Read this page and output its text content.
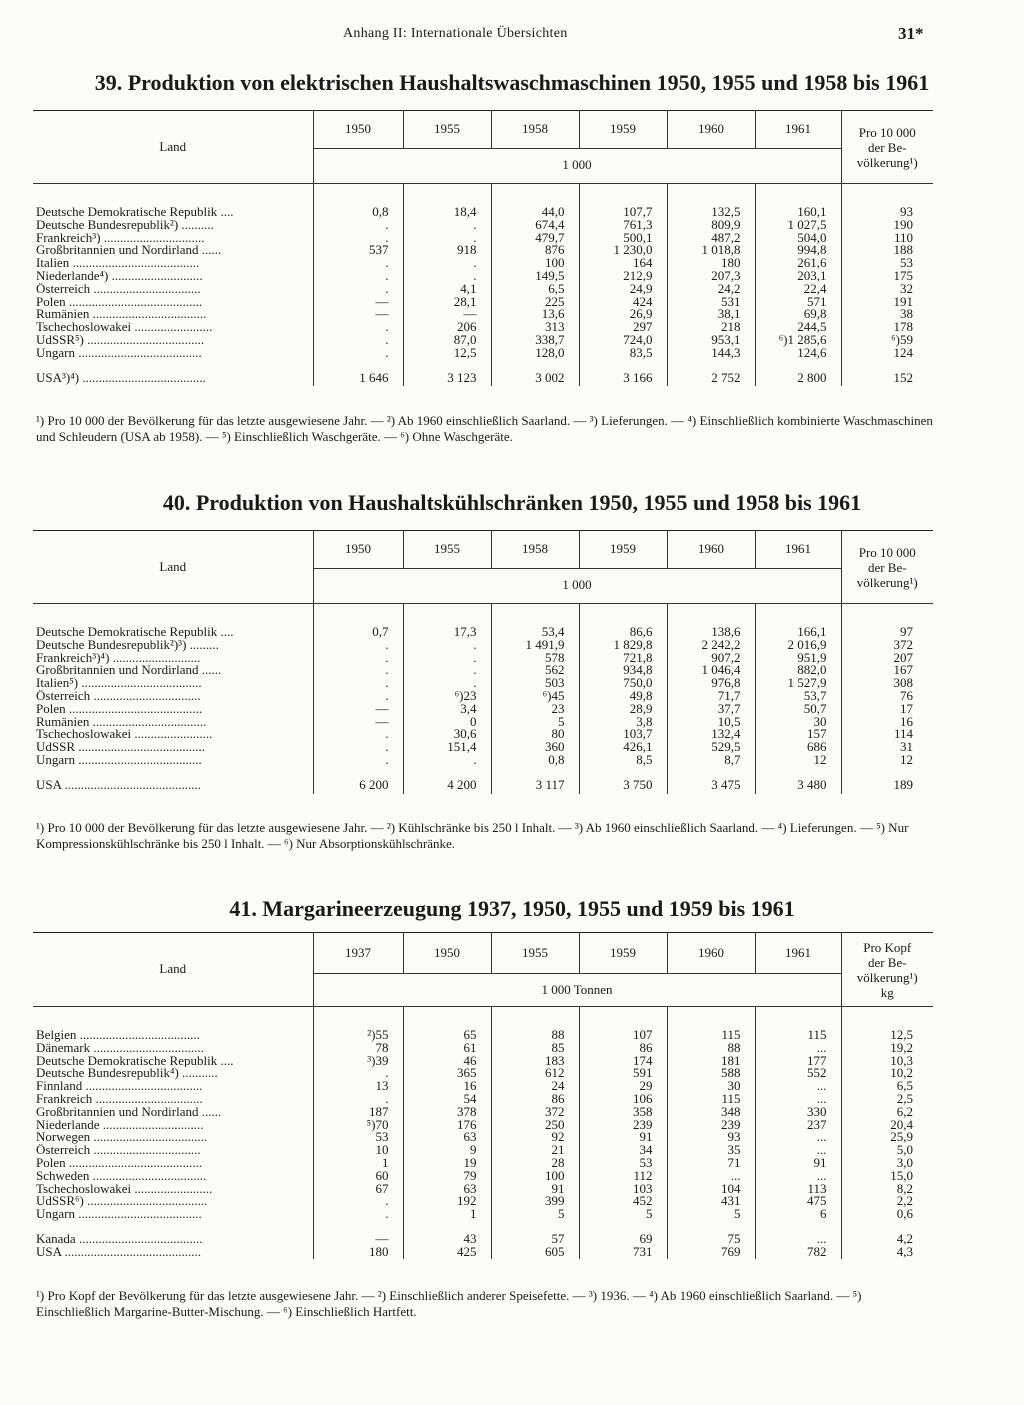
Anhang II: Internationale Übersichten	31*
39. Produktion von elektrischen Haushaltswaschmaschinen 1950, 1955 und 1958 bis 1961
Land	1950	1955	1958	1959	1960	1961	Pro 10 000
der Be-
völkerung¹)

	1 000						

Deutsche Demokratische Republik ....	0,8	18,4	44,0	107,7	132,5	160,1	93
Deutsche Bundesrepublik²) ..........	.	.	674,4	761,3	809,9	1 027,5	190
Frankreich³) ...............................	.	.	479,7	500,1	487,2	504,0	110
Großbritannien und Nordirland ......	537	918	876	1 230,0	1 018,8	994,8	188
Italien .......................................	.	.	100	164	180	261,6	53
Niederlande⁴) ............................	.	.	149,5	212,9	207,3	203,1	175
Österreich .................................	.	4,1	6,5	24,9	24,2	22,4	32
Polen .........................................	—	28,1	225	424	531	571	191
Rumänien ...................................	—	—	13,6	26,9	38,1	69,8	38
Tschechoslowakei ........................	.	206	313	297	218	244,5	178
UdSSR⁵) ....................................	.	87,0	338,7	724,0	953,1	⁶)1 285,6	⁶)59
Ungarn ......................................	.	12,5	128,0	83,5	144,3	124,6	124

USA³)⁴) ......................................	1 646	3 123	3 002	3 166	2 752	2 800	152
¹) Pro 10 000 der Bevölkerung für das letzte ausgewiesene Jahr. — ²) Ab 1960 einschließlich Saarland. — ³) Lieferungen. — ⁴) Einschließlich kombinierte Waschmaschinen und Schleudern (USA ab 1958). — ⁵) Einschließlich Waschgeräte. — ⁶) Ohne Waschgeräte.
40. Produktion von Haushaltskühlschränken 1950, 1955 und 1958 bis 1961
Land	1950	1955	1958	1959	1960	1961	Pro 10 000
der Be-
völkerung¹)

	1 000						

Deutsche Demokratische Republik ....	0,7	17,3	53,4	86,6	138,6	166,1	97
Deutsche Bundesrepublik²)³) .........	.	.	1 491,9	1 829,8	2 242,2	2 016,9	372
Frankreich³)⁴) ...........................	.	.	578	721,8	907,2	951,9	207
Großbritannien und Nordirland ......	.	.	562	934,8	1 046,4	882,0	167
Italien⁵) .....................................	.	.	503	750,0	976,8	1 527,9	308
Österreich .................................	.	⁶)23	⁶)45	49,8	71,7	53,7	76
Polen .........................................	—	3,4	23	28,9	37,7	50,7	17
Rumänien ...................................	—	0	5	3,8	10,5	30	16
Tschechoslowakei ........................	.	30,6	80	103,7	132,4	157	114
UdSSR .......................................	.	151,4	360	426,1	529,5	686	31
Ungarn ......................................	.	.	0,8	8,5	8,7	12	12

USA ..........................................	6 200	4 200	3 117	3 750	3 475	3 480	189
¹) Pro 10 000 der Bevölkerung für das letzte ausgewiesene Jahr. — ²) Kühlschränke bis 250 l Inhalt. — ³) Ab 1960 einschließlich Saarland. — ⁴) Lieferungen. — ⁵) Nur Kompressionskühlschränke bis 250 l Inhalt. — ⁶) Nur Absorptionskühlschränke.
41. Margarineerzeugung 1937, 1950, 1955 und 1959 bis 1961
Land	1937	1950	1955	1959	1960	1961	Pro Kopf
der Be-
völkerung¹)
kg

	1 000 Tonnen						

Belgien .....................................	²)55	65	88	107	115	115	12,5
Dänemark ..................................	78	61	85	86	88	...	19,2
Deutsche Demokratische Republik ....	³)39	46	183	174	181	177	10,3
Deutsche Bundesrepublik⁴) ...........	.	365	612	591	588	552	10,2
Finnland ....................................	13	16	24	29	30	...	6,5
Frankreich .................................	.	54	86	106	115	...	2,5
Großbritannien und Nordirland ......	187	378	372	358	348	330	6,2
Niederlande ...............................	⁵)70	176	250	239	239	237	20,4
Norwegen ...................................	53	63	92	91	93	...	25,9
Österreich .................................	10	9	21	34	35	...	5,0
Polen .........................................	1	19	28	53	71	91	3,0
Schweden ...................................	60	79	100	112	...	...	15,0
Tschechoslowakei ........................	67	63	91	103	104	113	8,2
UdSSR⁶) .....................................	.	192	399	452	431	475	2,2
Ungarn ......................................	.	1	5	5	5	6	0,6

Kanada ......................................	—	43	57	69	75	...	4,2
USA ..........................................	180	425	605	731	769	782	4,3
¹) Pro Kopf der Bevölkerung für das letzte ausgewiesene Jahr. — ²) Einschließlich anderer Speisefette. — ³) 1936. — ⁴) Ab 1960 einschließlich Saarland. — ⁵) Einschließlich Margarine-Butter-Mischung. — ⁶) Einschließlich Hartfett.
